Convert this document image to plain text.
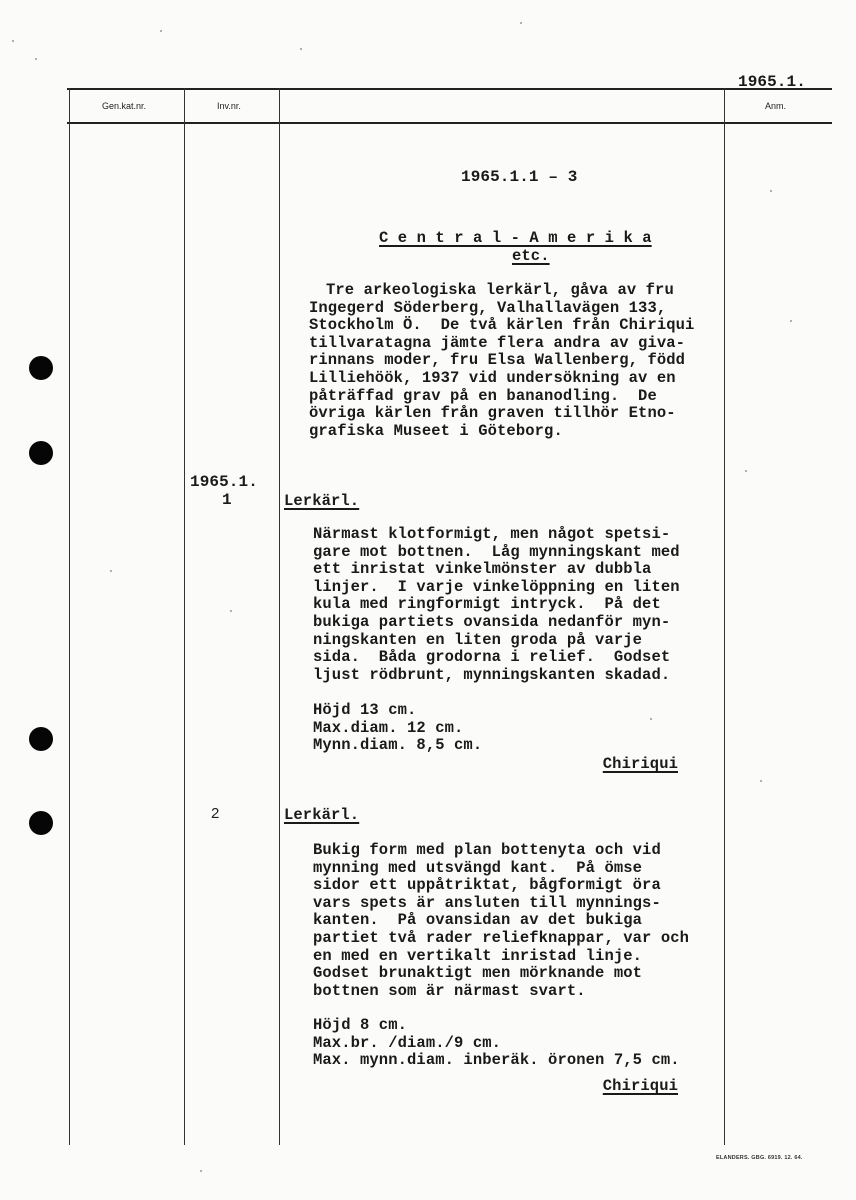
Gen.kat.nr.	Inv.nr.	Anm.
1965.1.
1965.1.1 – 3
C e n t r a l - A m e r i k a
etc.
Tre arkeologiska lerkärl, gåva av fru
Ingegerd Söderberg, Valhallavägen 133,
Stockholm Ö.  De två kärlen från Chiriqui
tillvaratagna jämte flera andra av giva-
rinnans moder, fru Elsa Wallenberg, född
Lilliehöök, 1937 vid undersökning av en
påträffad grav på en bananodling.  De
övriga kärlen från graven tillhör Etno-
grafiska Museet i Göteborg.
1965.1.
1	Lerkärl.
Närmast klotformigt, men något spetsi-
gare mot bottnen.  Låg mynningskant med
ett inristat vinkelmönster av dubbla
linjer.  I varje vinkelöppning en liten
kula med ringformigt intryck.  På det
bukiga partiets ovansida nedanför myn-
ningskanten en liten groda på varje
sida.  Båda grodorna i relief.  Godset
ljust rödbrunt, mynningskanten skadad.
Höjd 13 cm.
Max.diam. 12 cm.
Mynn.diam. 8,5 cm.
Chiriqui
2	Lerkärl.
Bukig form med plan bottenyta och vid
mynning med utsvängd kant.  På ömse
sidor ett uppåtriktat, bågformigt öra
vars spets är ansluten till mynnings-
kanten.  På ovansidan av det bukiga
partiet två rader reliefknappar, var och
en med en vertikalt inristad linje.
Godset brunaktigt men mörknande mot
bottnen som är närmast svart.
Höjd 8 cm.
Max.br. /diam./9 cm.
Max. mynn.diam. inberäk. öronen 7,5 cm.
Chiriqui
ELANDERS. GBG. 6919. 12. 64.
